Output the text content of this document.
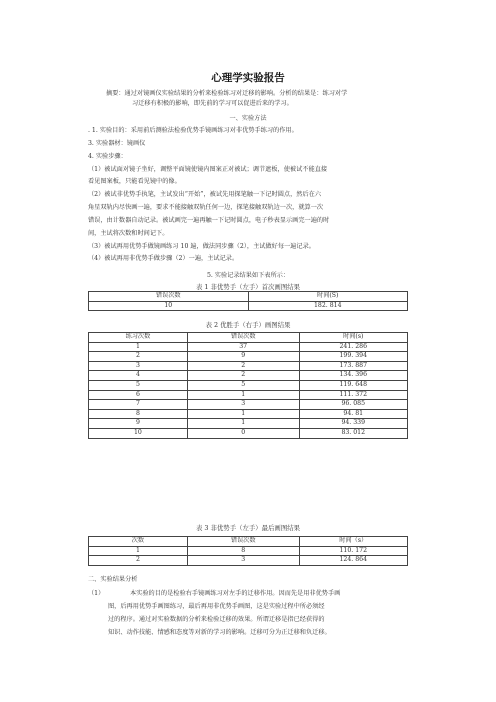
心理学实验报告
摘要：通过对镜画仪实验结果的分析来检验练习对迁移的影响。分析的结果是：练习对学
习迁移有积极的影响，即先前的学习可以促进后来的学习。
一、实验方法
. 1. 实验目的：采用前后测验法检验优势手镜画练习对非优势手练习的作用。
3. 实验器材：镜画仪
4. 实验步骤：
（1）被试面对镜子坐好，调整平面镜使镜内图案正对被试；调节遮板，使被试不能直接
看见图案板，只能看见镜中的像。
（2）被试非优势手执笔，主试发出“开始”，被试先用探笔触一下记时圆点，然后在六
角星双轨内尽快画一遍，要求不能接触双轨任何一边，探笔接触双轨边一次，就算一次
错误，由计数器自动记录。被试画完一遍再触一下记时圆点，电子秒表显示画完一遍的时
间，主试将次数和时间记下。
（3）被试再用优势手做镜画练习 10 遍，做法同步骤（2），主试做好每一遍记录。
（4）被试再用非优势手做步骤（2）一遍，主试记录。
5. 实验记录结果如下表所示：
表 1 非优势手（左手）首次画图结果
错误次数	时间(S)
10	182. 814
表 2 优胜手（右手）画图结果
练习次数	错误次数	时间(s)
1	37	241. 286
2	9	199. 394
3	2	173. 887
4	2	134. 396
5	5	119. 648
6	1	111. 372
7	3	96. 085
8	1	94. 81
9	1	94. 339
10	0	83. 012
表 3 非优势手（左手）最后画图结果
次数	错误次数	时间（s）
1	8	110. 172
2	3	124. 864
二、实验结果分析
（1）	本实验的目的是检验右手镜画练习对左手的迁移作用。因而先是用非优势手画
图，后再用优势手画图练习，最后再用非优势手画图，这是实验过程中所必须经
过的程序。通过对实验数据的分析来检验迁移的效果。所谓迁移是指已经获得的
知识、动作技能、情感和态度等对新的学习的影响。迁移可分为正迁移和负迁移。
